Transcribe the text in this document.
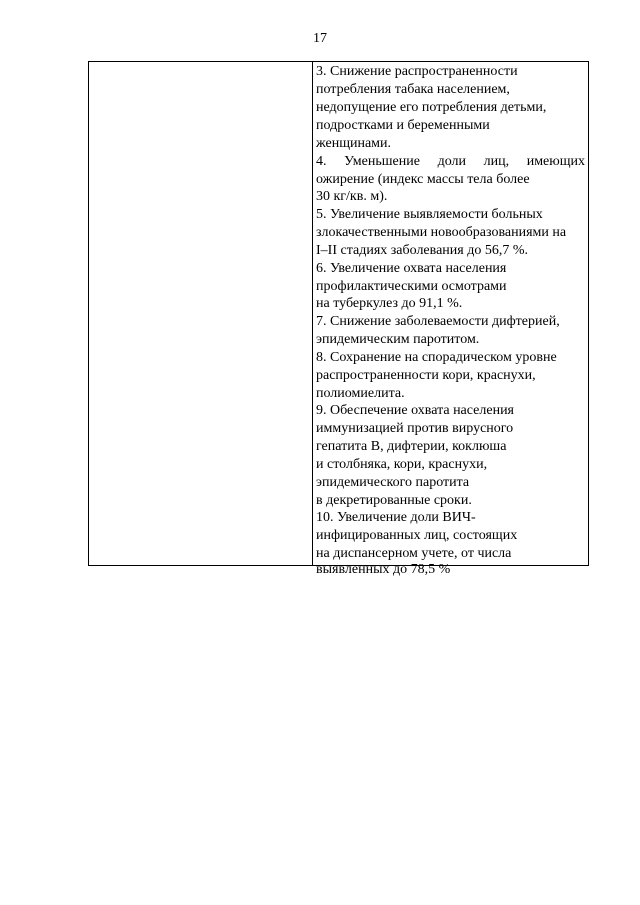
17
3. Снижение распространенности
потребления табака населением,
недопущение его потребления детьми,
подростками и беременными
женщинами.
4. Уменьшение доли лиц, имеющих
ожирение (индекс массы тела более
30 кг/кв. м).
5. Увеличение выявляемости больных
злокачественными новообразованиями на
I–II стадиях заболевания до 56,7 %.
6. Увеличение охвата населения
профилактическими осмотрами
на туберкулез до 91,1 %.
7. Снижение заболеваемости дифтерией,
эпидемическим паротитом.
8. Сохранение на спорадическом уровне
распространенности кори, краснухи,
полиомиелита.
9. Обеспечение охвата населения
иммунизацией против вирусного
гепатита В, дифтерии, коклюша
и столбняка, кори, краснухи,
эпидемического паротита
в декретированные сроки.
10. Увеличение доли ВИЧ-
инфицированных лиц, состоящих
на диспансерном учете, от числа
выявленных до 78,5 %
